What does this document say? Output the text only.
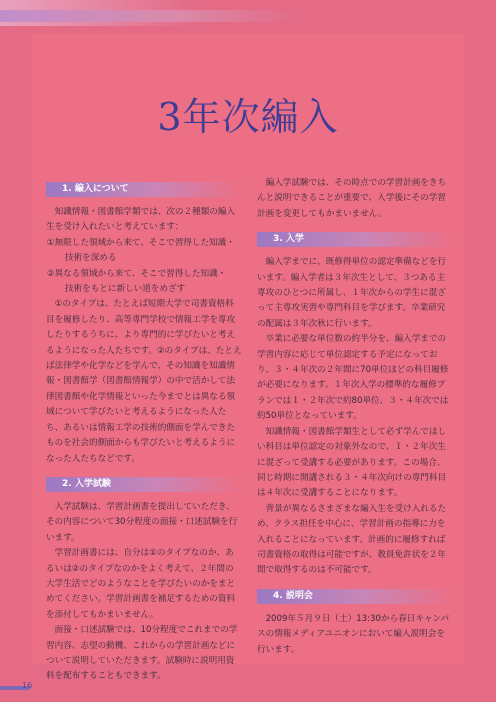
3年次編入
1. 編入について

知識情報・図書館学類では、次の２種類の編入生を受け入れたいと考えています：

①無限した領域から来て、そこで習得した知識・
技術を深める
②異なる領域から来て、そこで習得した知識・
技術をもとに新しい道をめざす

①のタイプは、たとえば短期大学で司書資格科目を履修したり、高等専門学校で情報工学を専攻したりするうちに、より専門的に学びたいと考えるようになった人たちです。②のタイプは、たとえば法律学や化学などを学んで、その知識を知識情報・図書館学（図書館情報学）の中で活かして法律図書館や化学情報といった今までとは異なる領域について学びたいと考えるようになった人たち、あるいは情報工学の技術的側面を学んできたものを社会的側面からも学びたいと考えるようになった人たちなどです。

2. 入学試験

入学試験は、学習計画書を提出していただき、その内容について30分程度の面接・口述試験を行います。

学習計画書には、自分は①のタイプなのか、あるいは②のタイプなのかをよく考えて、２年間の大学生活でどのようなことを学びたいのかをまとめてください。学習計画書を補足するための資料を添付してもかまいません。

面接・口述試験では、10分程度でこれまでの学習内容、志望の動機、これからの学習計画などについて説明していただきます。試験時に説明用資料を配布することもできます。

編入学試験では、その時点での学習計画をきちんと説明できることが重要で、入学後にその学習計画を変更してもかまいません。

3. 入学

編入学までに、既修得単位の認定準備などを行います。編入学者は３年次生として、３つある主専攻のひとつに所属し、１年次からの学生に混ざって主専攻実習や専門科目を学びます。卒業研究の配属は３年次秋に行います。

卒業に必要な単位数の約半分を、編入学までの学習内容に応じて単位認定する予定になっており、３・４年次の２年間に70単位ほどの科目履修が必要になります。１年次入学の標準的な履修プランでは１・２年次で約80単位、３・４年次では約50単位となっています。

知識情報・図書館学類生として必ず学んでほしい科目は単位認定の対象外なので、１・２年次生に混ざって受講する必要があります。この場合、同じ時期に開講される３・４年次向けの専門科目は４年次に受講することになります。

背景が異なるさまざまな編入生を受け入れるため、クラス担任を中心に、学習計画の指導に力を入れることになっています。計画的に履修すれば司書資格の取得は可能ですが、教員免許状を２年間で取得するのは不可能です。

4. 説明会

2009年５月９日（土）13:30から春日キャンパスの情報メディアユニオンにおいて編入説明会を行います。

16
